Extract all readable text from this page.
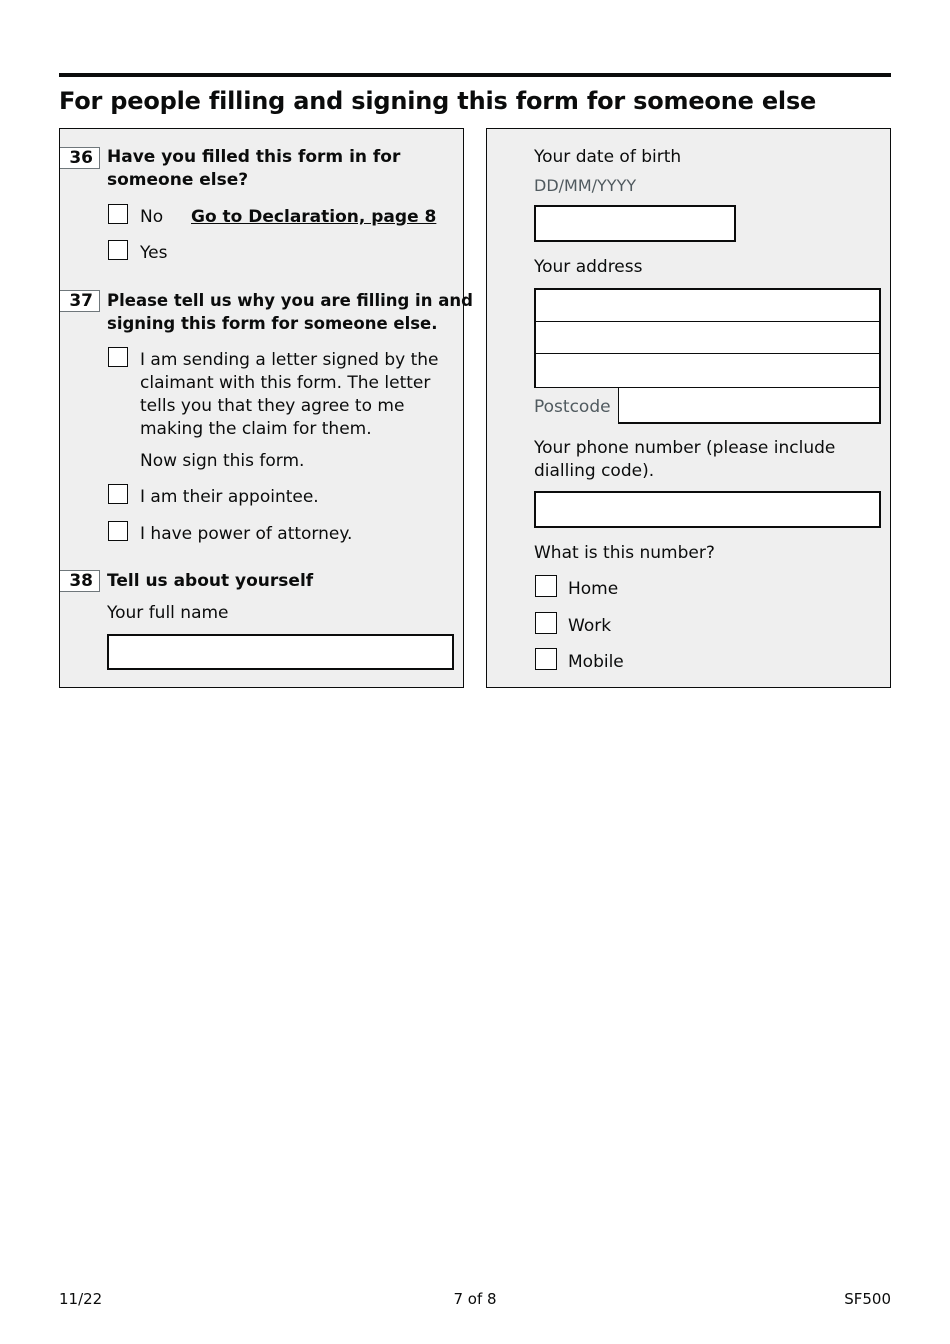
For people filling and signing this form for someone else
36 Have you filled this form in for
someone else?
No Go to Declaration, page 8
Yes
37 Please tell us why you are filling in and
signing this form for someone else.
I am sending a letter signed by the
claimant with this form. The letter
tells you that they agree to me
making the claim for them.
Now sign this form.
I am their appointee.
I have power of attorney.
38 Tell us about yourself
Your full name
Your date of birth
DD/MM/YYYY
Your address
Postcode
Your phone number (please include
dialling code).
What is this number?
Home
Work
Mobile
11/22	7 of 8	SF500
